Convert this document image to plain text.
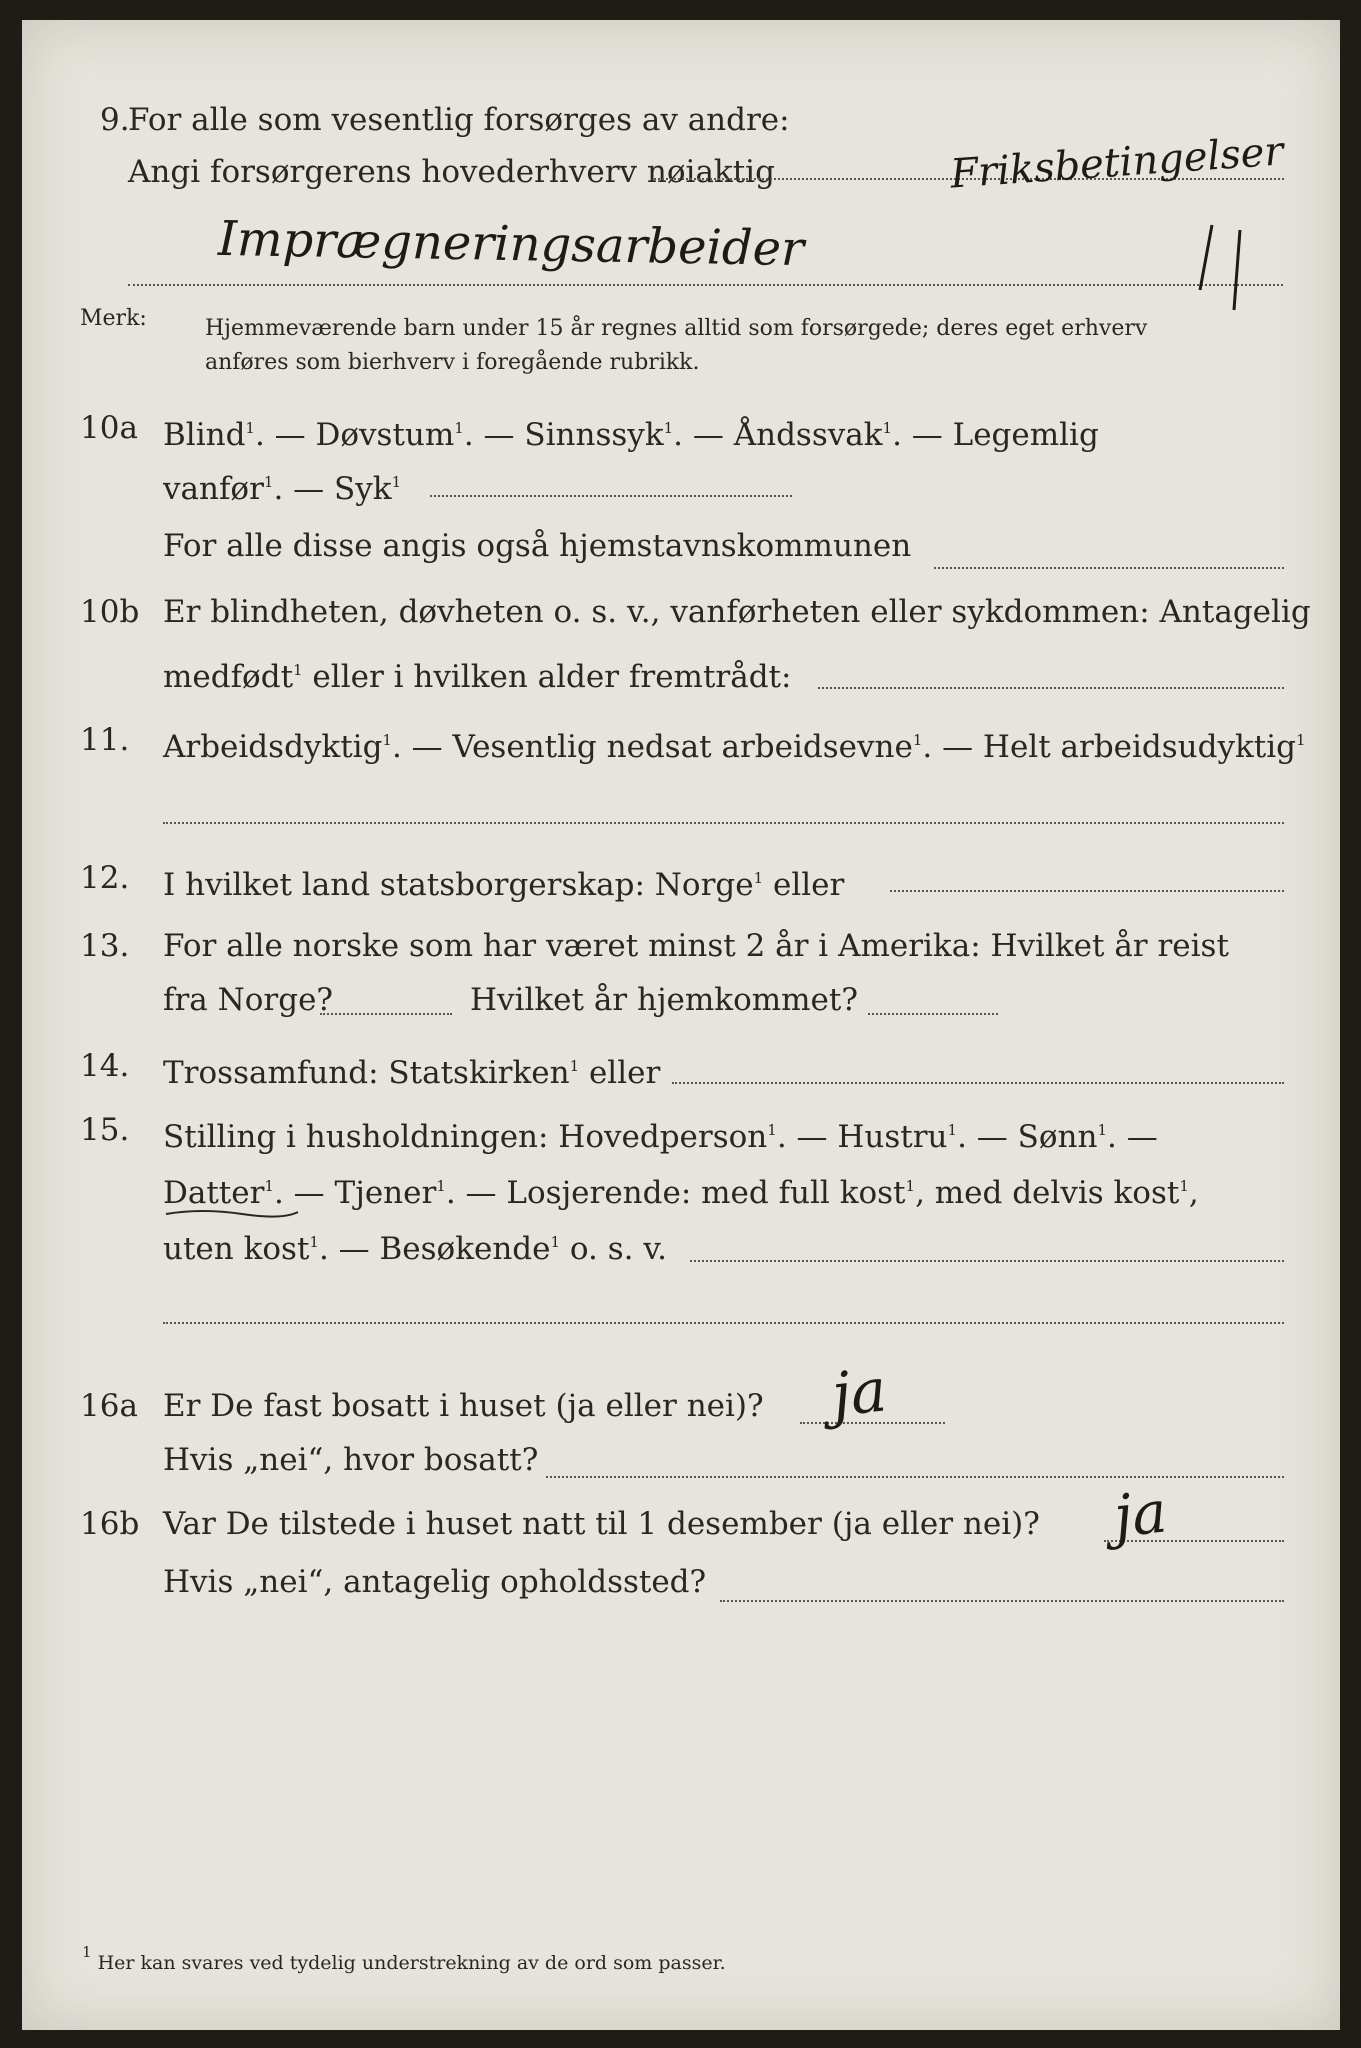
9.
For alle som vesentlig forsørges av andre:
Angi forsørgerens hovederhverv nøiaktig	Friksbetingelser
Imprægneringsarbeider
Merk:	Hjemmeværende barn under 15 år regnes alltid som forsørgede; deres eget erhverv
anføres som bierhverv i foregående rubrikk.
10a Blind$^1$. — Døvstum$^1$. — Sinnssyk$^1$. — Åndssvak$^1$. — Legemlig
vanfør$^1$. — Syk$^1$
For alle disse angis også hjemstavnskommunen
10b Er blindheten, døvheten o. s. v., vanførheten eller sykdommen: Antagelig
medfødt$^1$ eller i hvilken alder fremtrådt:
11. Arbeidsdyktig$^1$. — Vesentlig nedsat arbeidsevne$^1$. — Helt arbeidsudyktig$^1$
12. I hvilket land statsborgerskap: Norge$^1$ eller
13. For alle norske som har været minst 2 år i Amerika: Hvilket år reist
fra Norge?	Hvilket år hjemkommet?
14. Trossamfund: Statskirken$^1$ eller
15. Stilling i husholdningen: Hovedperson$^1$. — Hustru$^1$. — Sønn$^1$. —
Datter$^1$. — Tjener$^1$. — Losjerende: med full kost$^1$, med delvis kost$^1$,
uten kost$^1$. — Besøkende$^1$ o. s. v.
16a Er De fast bosatt i huset (ja eller nei)? ja
Hvis „nei“, hvor bosatt?
16b Var De tilstede i huset natt til 1 desember (ja eller nei)? ja
Hvis „nei“, antagelig opholdssted?
$^1$ Her kan svares ved tydelig understrekning av de ord som passer.
